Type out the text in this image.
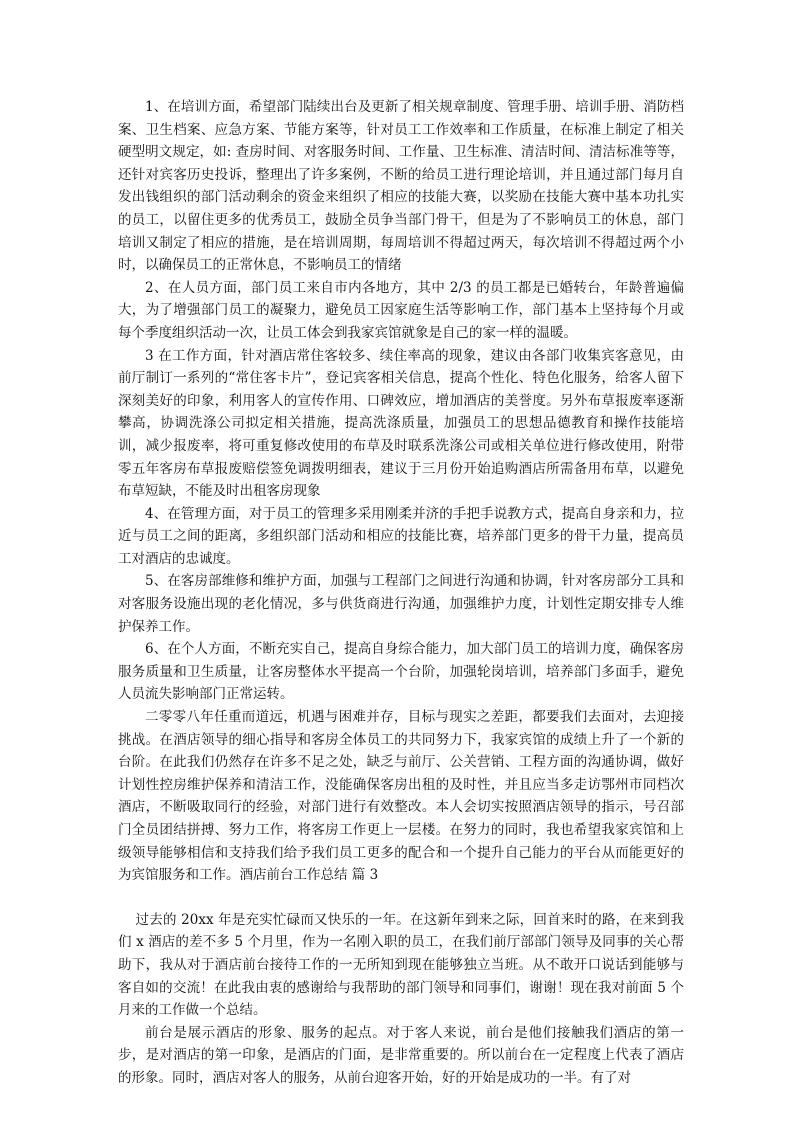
1、在培训方面，希望部门陆续出台及更新了相关规章制度、管理手册、培训手册、消防档案、卫生档案、应急方案、节能方案等，针对员工工作效率和工作质量，在标准上制定了相关硬型明文规定，如: 查房时间、对客服务时间、工作量、卫生标准、清洁时间、清洁标准等等，还针对宾客历史投诉，整理出了许多案例，不断的给员工进行理论培训，并且通过部门每月自发出钱组织的部门活动剩余的资金来组织了相应的技能大赛，以奖励在技能大赛中基本功扎实的员工，以留住更多的优秀员工，鼓励全员争当部门骨干，但是为了不影响员工的休息，部门培训又制定了相应的措施，是在培训周期，每周培训不得超过两天，每次培训不得超过两个小时，以确保员工的正常休息，不影响员工的情绪

2、在人员方面，部门员工来自市内各地方，其中 2/3 的员工都是已婚转台，年龄普遍偏大，为了增强部门员工的凝聚力，避免员工因家庭生活等影响工作，部门基本上坚持每个月或每个季度组织活动一次，让员工体会到我家宾馆就象是自己的家一样的温暖。

3 在工作方面，针对酒店常住客较多、续住率高的现象，建议由各部门收集宾客意见，由前厅制订一系列的“常住客卡片”，登记宾客相关信息，提高个性化、特色化服务，给客人留下深刻美好的印象，利用客人的宣传作用、口碑效应，增加酒店的美誉度。另外布草报废率逐渐攀高，协调洗涤公司拟定相关措施，提高洗涤质量，加强员工的思想品德教育和操作技能培训，减少报废率，将可重复修改使用的布草及时联系洗涤公司或相关单位进行修改使用，附带零五年客房布草报废赔偿签免调拨明细表，建议于三月份开始追购酒店所需备用布草，以避免布草短缺，不能及时出租客房现象

4、在管理方面，对于员工的管理多采用刚柔并济的手把手说教方式，提高自身亲和力，拉近与员工之间的距离，多组织部门活动和相应的技能比赛，培养部门更多的骨干力量，提高员工对酒店的忠诚度。

5、在客房部维修和维护方面，加强与工程部门之间进行沟通和协调，针对客房部分工具和对客服务设施出现的老化情况，多与供货商进行沟通，加强维护力度，计划性定期安排专人维护保养工作。

6、在个人方面，不断充实自己，提高自身综合能力，加大部门员工的培训力度，确保客房服务质量和卫生质量，让客房整体水平提高一个台阶，加强轮岗培训，培养部门多面手，避免人员流失影响部门正常运转。

二零零八年任重而道远，机遇与困难并存，目标与现实之差距，都要我们去面对，去迎接挑战。在酒店领导的细心指导和客房全体员工的共同努力下，我家宾馆的成绩上升了一个新的台阶。在此我们仍然存在许多不足之处，缺乏与前厅、公关营销、工程方面的沟通协调，做好计划性控房维护保养和清洁工作，没能确保客房出租的及时性，并且应当多走访鄂州市同档次酒店，不断吸取同行的经验，对部门进行有效整改。本人会切实按照酒店领导的指示，号召部门全员团结拼搏、努力工作，将客房工作更上一层楼。在努力的同时，我也希望我家宾馆和上级领导能够相信和支持我们给予我们员工更多的配合和一个提升自己能力的平台从而能更好的为宾馆服务和工作。酒店前台工作总结 篇 3

过去的 20xx 年是充实忙碌而又快乐的一年。在这新年到来之际，回首来时的路，在来到我们 x 酒店的差不多 5 个月里，作为一名刚入职的员工，在我们前厅部部门领导及同事的关心帮助下，我从对于酒店前台接待工作的一无所知到现在能够独立当班。从不敢开口说话到能够与客自如的交流！在此我由衷的感谢给与我帮助的部门领导和同事们，谢谢！现在我对前面 5 个月来的工作做一个总结。

前台是展示酒店的形象、服务的起点。对于客人来说，前台是他们接触我们酒店的第一步，是对酒店的第一印象，是酒店的门面，是非常重要的。所以前台在一定程度上代表了酒店的形象。同时，酒店对客人的服务，从前台迎客开始，好的开始是成功的一半。有了对
